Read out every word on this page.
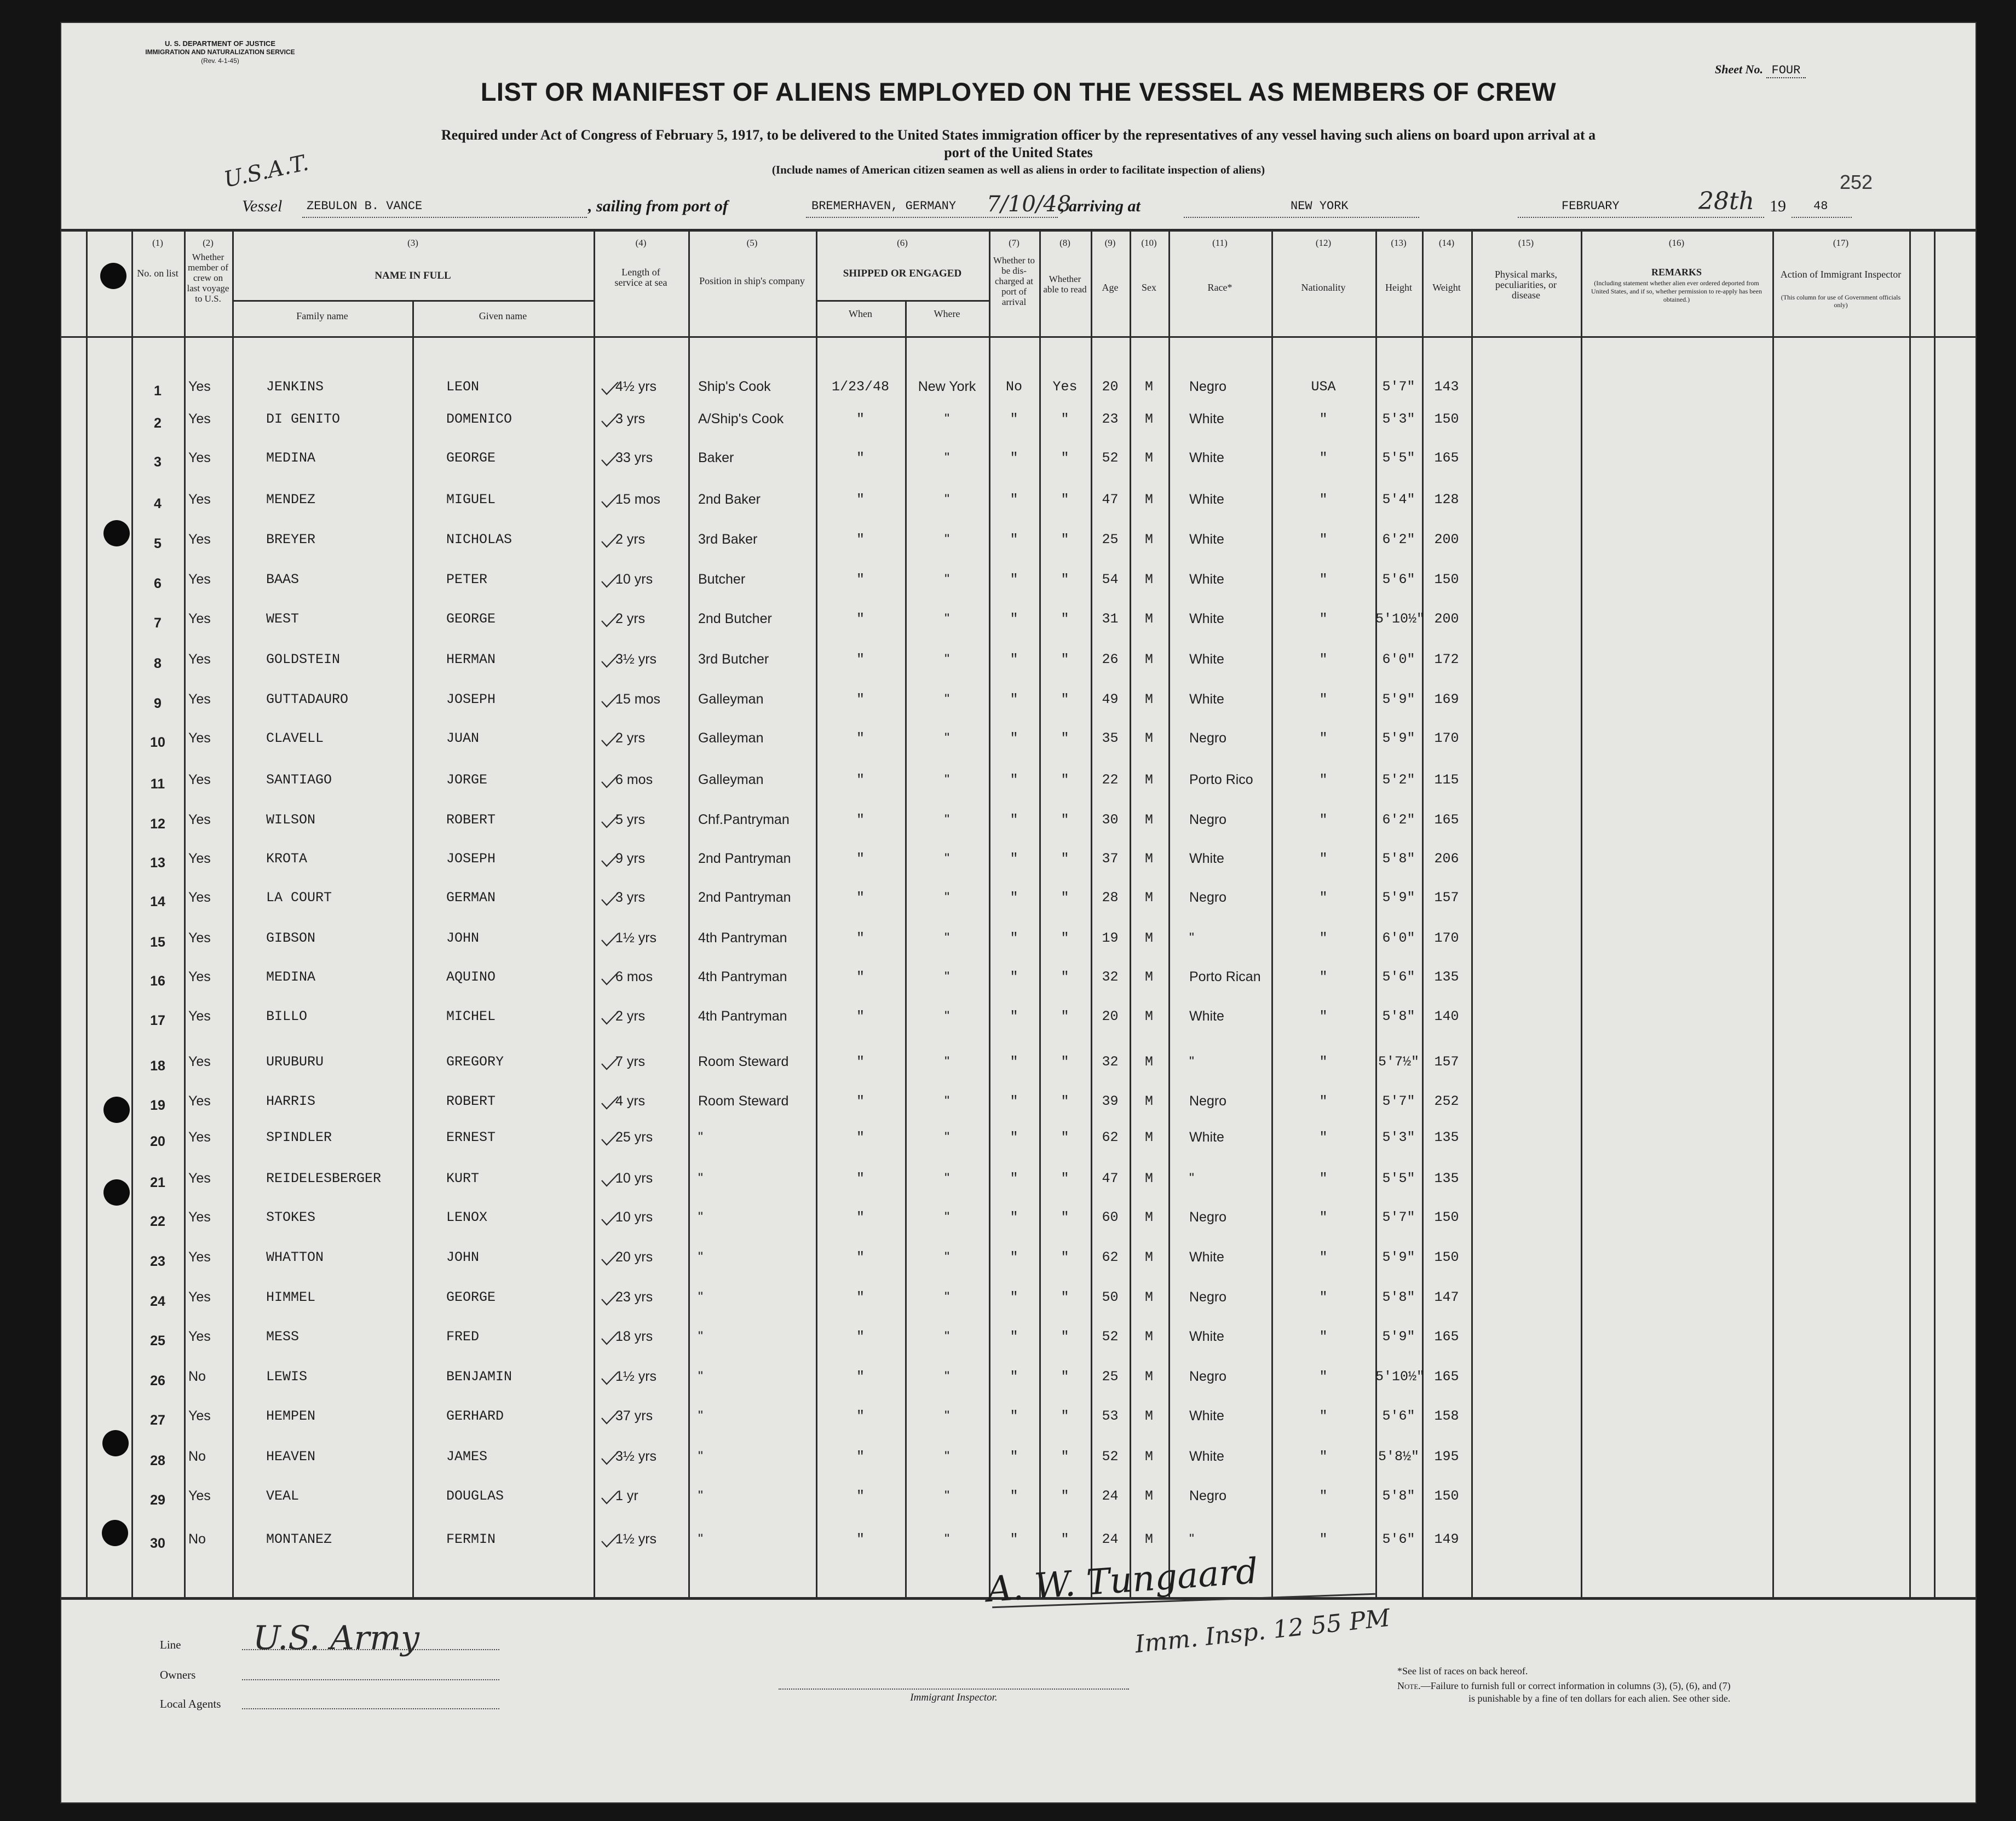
U. S. DEPARTMENT OF JUSTICE
IMMIGRATION AND NATURALIZATION SERVICE
(Rev. 4-1-45)
Sheet No. FOUR
LIST OR MANIFEST OF ALIENS EMPLOYED ON THE VESSEL AS MEMBERS OF CREW
Required under Act of Congress of February 5, 1917, to be delivered to the United States immigration officer by the representatives of any vessel having such aliens on board upon arrival at a
port of the United States
(Include names of American citizen seamen as well as aliens in order to facilitate inspection of aliens)
252
U.S.A.T.
Vessel ZEBULON B. VANCE	, sailing from port of	BREMERHAVEN, GERMANY 7/10/48
, arriving at	NEW YORK	FEBRUARY	28th 19 48
(1)	(2)	(3)	(4)	(5)	(6)	(7)	(8)	(9)	(10)	(11)	(12)	(13)	(14)	(15)	(16)	(17)
No. on list
Whether member of crew on last voyage to U.S.
NAME IN FULL
Family name	Given name
Length of service at sea	Position in ship's company
SHIPPED OR ENGAGED
When	Where
Whether to be dis- charged at port of arrival
Whether able to read	Age	Sex	Race*	Nationality	Height	Weight
Physical marks, peculiarities, or disease
REMARKS
(Including statement whether alien ever ordered deported from United States, and if so, whether permission to re-apply has been obtained.)
Action of Immigrant Inspector
(This column for use of Government officials only)
1	Yes	JENKINS	LEON	4½ yrs	Ship's Cook	1/23/48	New York	No	Yes	20	M	Negro	USA	5'7"	143
2	Yes	DI GENITO	DOMENICO	3 yrs	A/Ship's Cook	"	"	"	"	23	M	White	"	5'3"	150
3	Yes	MEDINA	GEORGE	33 yrs	Baker	"	"	"	"	52	M	White	"	5'5"	165
4	Yes	MENDEZ	MIGUEL	15 mos	2nd Baker	"	"	"	"	47	M	White	"	5'4"	128
5	Yes	BREYER	NICHOLAS	2 yrs	3rd Baker	"	"	"	"	25	M	White	"	6'2"	200
6	Yes	BAAS	PETER	10 yrs	Butcher	"	"	"	"	54	M	White	"	5'6"	150
7	Yes	WEST	GEORGE	2 yrs	2nd Butcher	"	"	"	"	31	M	White	"	5'10½" 200
8	Yes	GOLDSTEIN	HERMAN	3½ yrs	3rd Butcher	"	"	"	"	26	M	White	"	6'0"	172
9	Yes	GUTTADAURO	JOSEPH	15 mos	Galleyman	"	"	"	"	49	M	White	"	5'9"	169
10	Yes	CLAVELL	JUAN	2 yrs	Galleyman	"	"	"	"	35	M	Negro	"	5'9"	170
11	Yes	SANTIAGO	JORGE	6 mos	Galleyman	"	"	"	"	22	M	Porto Rico	"	5'2"	115
12	Yes	WILSON	ROBERT	5 yrs	Chf.Pantryman	"	"	"	"	30	M	Negro	"	6'2"	165
13	Yes	KROTA	JOSEPH	9 yrs	2nd Pantryman	"	"	"	"	37	M	White	"	5'8"	206
14	Yes	LA COURT	GERMAN	3 yrs	2nd Pantryman	"	"	"	"	28	M	Negro	"	5'9"	157
15	Yes	GIBSON	JOHN	1½ yrs	4th Pantryman	"	"	"	"	19	M	"	"	6'0"	170
16	Yes	MEDINA	AQUINO	6 mos	4th Pantryman	"	"	"	"	32	M	Porto Rican	"	5'6"	135
17	Yes	BILLO	MICHEL	2 yrs	4th Pantryman	"	"	"	"	20	M	White	"	5'8"	140
18	Yes	URUBURU	GREGORY	7 yrs	Room Steward	"	"	"	"	32	M	"	"	5'7½"	157
19	Yes	HARRIS	ROBERT	4 yrs	Room Steward	"	"	"	"	39	M	Negro	"	5'7"	252
20	Yes	SPINDLER	ERNEST	25 yrs	"	"	"	"	"	62	M	White	"	5'3"	135
21	Yes	REIDELESBERGER	KURT	10 yrs	"	"	"	"	"	47	M	"	"	5'5"	135
22	Yes	STOKES	LENOX	10 yrs	"	"	"	"	"	60	M	Negro	"	5'7"	150
23	Yes	WHATTON	JOHN	20 yrs	"	"	"	"	"	62	M	White	"	5'9"	150
24	Yes	HIMMEL	GEORGE	23 yrs	"	"	"	"	"	50	M	Negro	"	5'8"	147
25	Yes	MESS	FRED	18 yrs	"	"	"	"	"	52	M	White	"	5'9"	165
26	No	LEWIS	BENJAMIN	1½ yrs	"	"	"	"	"	25	M	Negro	"	5'10½" 165
27	Yes	HEMPEN	GERHARD	37 yrs	"	"	"	"	"	53	M	White	"	5'6"	158
28	No	HEAVEN	JAMES	3½ yrs	"	"	"	"	"	52	M	White	"	5'8½"	195
29	Yes	VEAL	DOUGLAS	1 yr	"	"	"	"	"	24	M	Negro	"	5'8"	150
30	No	MONTANEZ	FERMIN	1½ yrs	"	"	"	"	"	24	M	"	"	5'6"	149
A. W. Tungaard
Imm. Insp. 12 55 PM
Line U.S. Army
Owners
Local Agents	Immigrant Inspector.
*See list of races on back hereof.
Note.—Failure to furnish full or correct information in columns (3), (5), (6), and (7)
is punishable by a fine of ten dollars for each alien. See other side.
